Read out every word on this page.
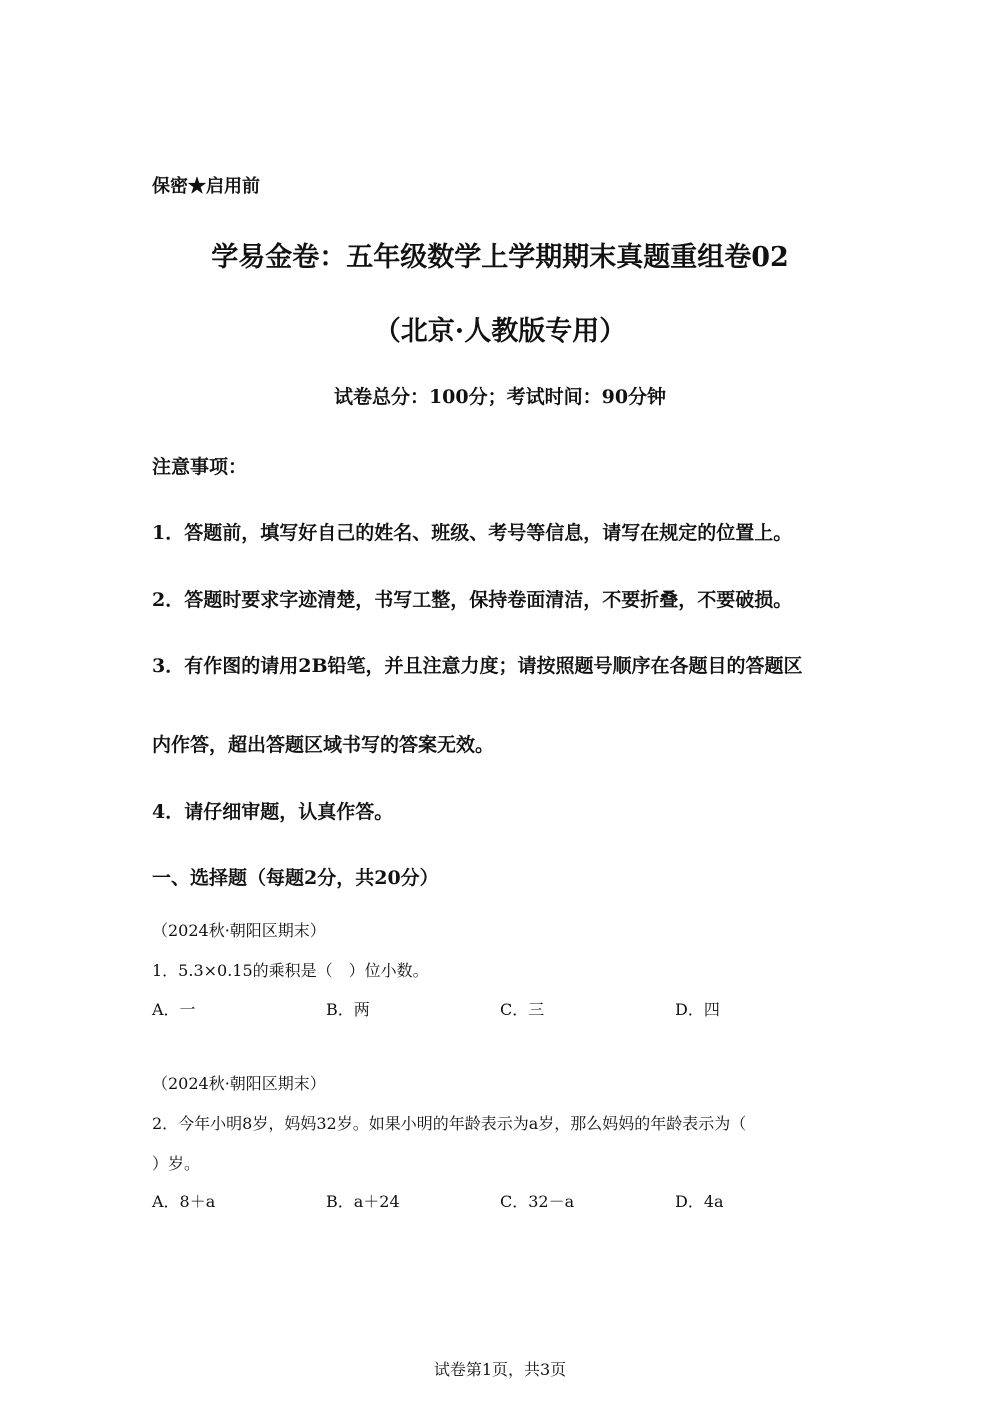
保密★启用前
学易金卷：五年级数学上学期期末真题重组卷02
（北京·人教版专用）
试卷总分：100分；考试时间：90分钟
注意事项：
1．答题前，填写好自己的姓名、班级、考号等信息，请写在规定的位置上。
2．答题时要求字迹清楚，书写工整，保持卷面清洁，不要折叠，不要破损。
3．有作图的请用2B铅笔，并且注意力度；请按照题号顺序在各题目的答题区
内作答，超出答题区域书写的答案无效。
4．请仔细审题，认真作答。
一、选择题（每题2分，共20分）
（2024秋·朝阳区期末）
1．5.3×0.15的乘积是（　）位小数。
A．一	B．两	C．三	D．四
（2024秋·朝阳区期末）
2．今年小明8岁，妈妈32岁。如果小明的年龄表示为a岁，那么妈妈的年龄表示为（
）岁。
A．8＋a	B．a＋24	C．32－a	D．4a
试卷第1页，共3页
